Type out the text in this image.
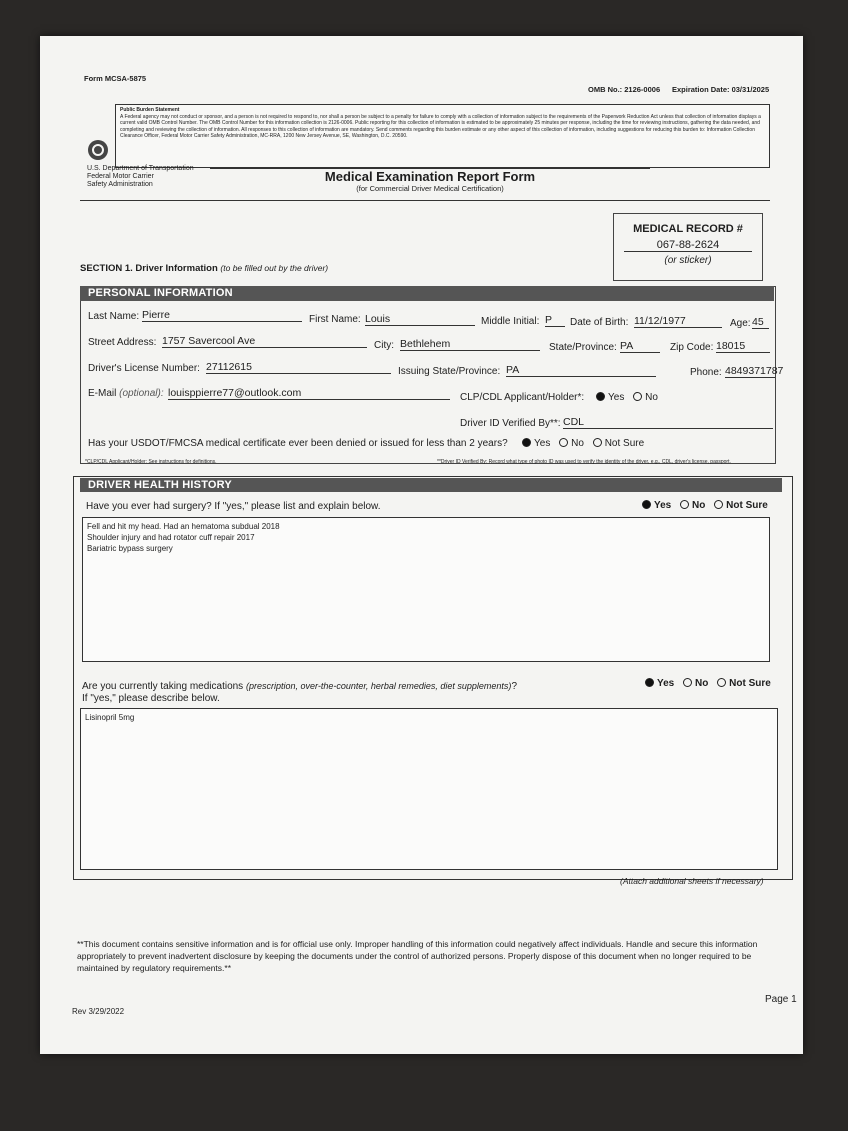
Form MCSA-5875
OMB No.: 2126-0006 Expiration Date: 03/31/2025
Public Burden Statement
A Federal agency may not conduct or sponsor, and a person is not required to respond to, nor shall a person be subject to a penalty for failure to comply with a collection of information subject to the requirements of the Paperwork Reduction Act unless that collection of information displays a current valid OMB Control Number. The OMB Control Number for this information collection is 2126-0006. Public reporting for this collection of information is estimated to be approximately 25 minutes per response, including the time for reviewing instructions, gathering the data needed, and completing and reviewing the collection of information. All responses to this collection of information are mandatory. Send comments regarding this burden estimate or any other aspect of this collection of information, including suggestions for reducing this burden to: Information Collection Clearance Officer, Federal Motor Carrier Safety Administration, MC-RRA, 1200 New Jersey Avenue, SE, Washington, D.C. 20590.
U.S. Department of Transportation
Federal Motor Carrier
Safety Administration
Medical Examination Report Form
(for Commercial Driver Medical Certification)
MEDICAL RECORD #
067-88-2624
(or sticker)
SECTION 1. Driver Information (to be filled out by the driver)
PERSONAL INFORMATION
Last Name: Pierre	First Name: Louis	Middle Initial: P	Date of Birth: 11/12/1977	Age: 45
Street Address: 1757 Savercool Ave	City: Bethlehem	State/Province: PA	Zip Code: 18015
Driver's License Number: 27112615	Issuing State/Province: PA	Phone: 4849371787
E-Mail (optional): louisppierre77@outlook.com	CLP/CDL Applicant/Holder*:	Yes No
Driver ID Verified By**: CDL
Has your USDOT/FMCSA medical certificate ever been denied or issued for less than 2 years?	Yes No Not Sure
*CLP/CDL Applicant/Holder: See instructions for definitions.	**Driver ID Verified By: Record what type of photo ID was used to verify the identity of the driver, e.g., CDL, driver's license, passport.
DRIVER HEALTH HISTORY
Have you ever had surgery? If "yes," please list and explain below.	Yes No Not Sure
Fell and hit my head. Had an hematoma subdual 2018
Shoulder injury and had rotator cuff repair 2017
Bariatric bypass surgery
Are you currently taking medications (prescription, over-the-counter, herbal remedies, diet supplements)?
If "yes," please describe below.
Yes No Not Sure
Lisinopril 5mg
(Attach additional sheets if necessary)
**This document contains sensitive information and is for official use only. Improper handling of this information could negatively affect individuals. Handle and secure this information appropriately to prevent inadvertent disclosure by keeping the documents under the control of authorized persons. Properly dispose of this document when no longer required to be maintained by regulatory requirements.**
Rev 3/29/2022
Page 1
